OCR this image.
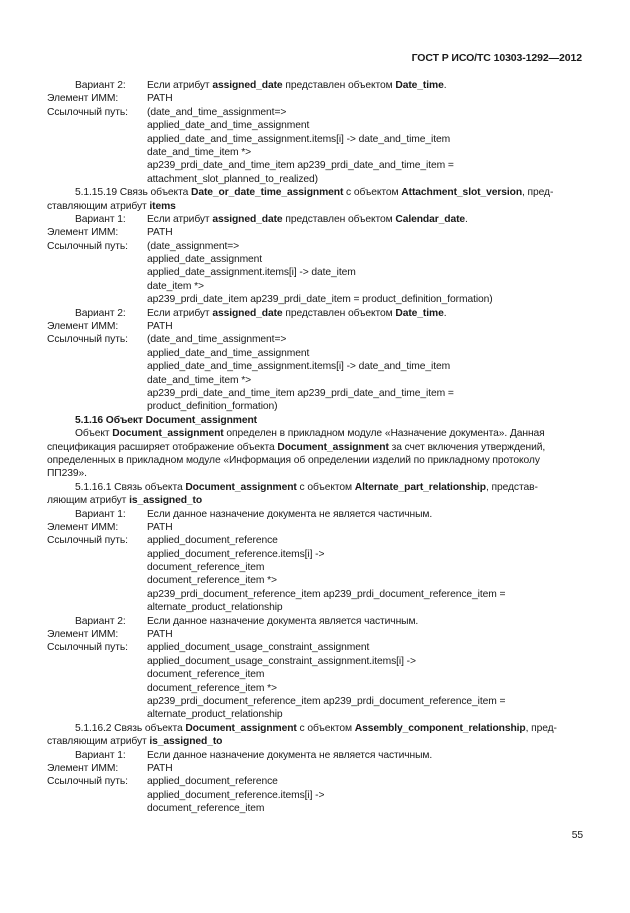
ГОСТ Р ИСО/ТС 10303-1292—2012
Вариант 2: Если атрибут assigned_date представлен объектом Date_time.
Элемент ИММ:	PATH
Ссылочный путь: (date_and_time_assignment=>
applied_date_and_time_assignment
applied_date_and_time_assignment.items[i] -> date_and_time_item
date_and_time_item *>
ap239_prdi_date_and_time_item ap239_prdi_date_and_time_item =
attachment_slot_planned_to_realized)
5.1.15.19 Связь объекта Date_or_date_time_assignment с объектом Attachment_slot_version, пред-
ставляющим атрибут items
Вариант 1: Если атрибут assigned_date представлен объектом Calendar_date.
Элемент ИММ:	PATH
Ссылочный путь: (date_assignment=>
applied_date_assignment
applied_date_assignment.items[i] -> date_item
date_item *>
ap239_prdi_date_item ap239_prdi_date_item = product_definition_formation)
Вариант 2: Если атрибут assigned_date представлен объектом Date_time.
Элемент ИММ:	PATH
Ссылочный путь: (date_and_time_assignment=>
applied_date_and_time_assignment
applied_date_and_time_assignment.items[i] -> date_and_time_item
date_and_time_item *>
ap239_prdi_date_and_time_item ap239_prdi_date_and_time_item =
product_definition_formation)
5.1.16 Объект Document_assignment
Объект Document_assignment определен в прикладном модуле «Назначение документа». Данная
спецификация расширяет отображение объекта Document_assignment за счет включения утверждений,
определенных в прикладном модуле «Информация об определении изделий по прикладному протоколу
ПП239».
5.1.16.1 Связь объекта Document_assignment с объектом Alternate_part_relationship, представ-
ляющим атрибут is_assigned_to
Вариант 1: Если данное назначение документа не является частичным.
Элемент ИММ:	PATH
Ссылочный путь: applied_document_reference
applied_document_reference.items[i] ->
document_reference_item
document_reference_item *>
ap239_prdi_document_reference_item ap239_prdi_document_reference_item =
alternate_product_relationship
Вариант 2: Если данное назначение документа является частичным.
Элемент ИММ:	PATH
Ссылочный путь: applied_document_usage_constraint_assignment
applied_document_usage_constraint_assignment.items[i] ->
document_reference_item
document_reference_item *>
ap239_prdi_document_reference_item ap239_prdi_document_reference_item =
alternate_product_relationship
5.1.16.2 Связь объекта Document_assignment с объектом Assembly_component_relationship, пред-
ставляющим атрибут is_assigned_to
Вариант 1: Если данное назначение документа не является частичным.
Элемент ИММ:	PATH
Ссылочный путь: applied_document_reference
applied_document_reference.items[i] ->
document_reference_item
55
